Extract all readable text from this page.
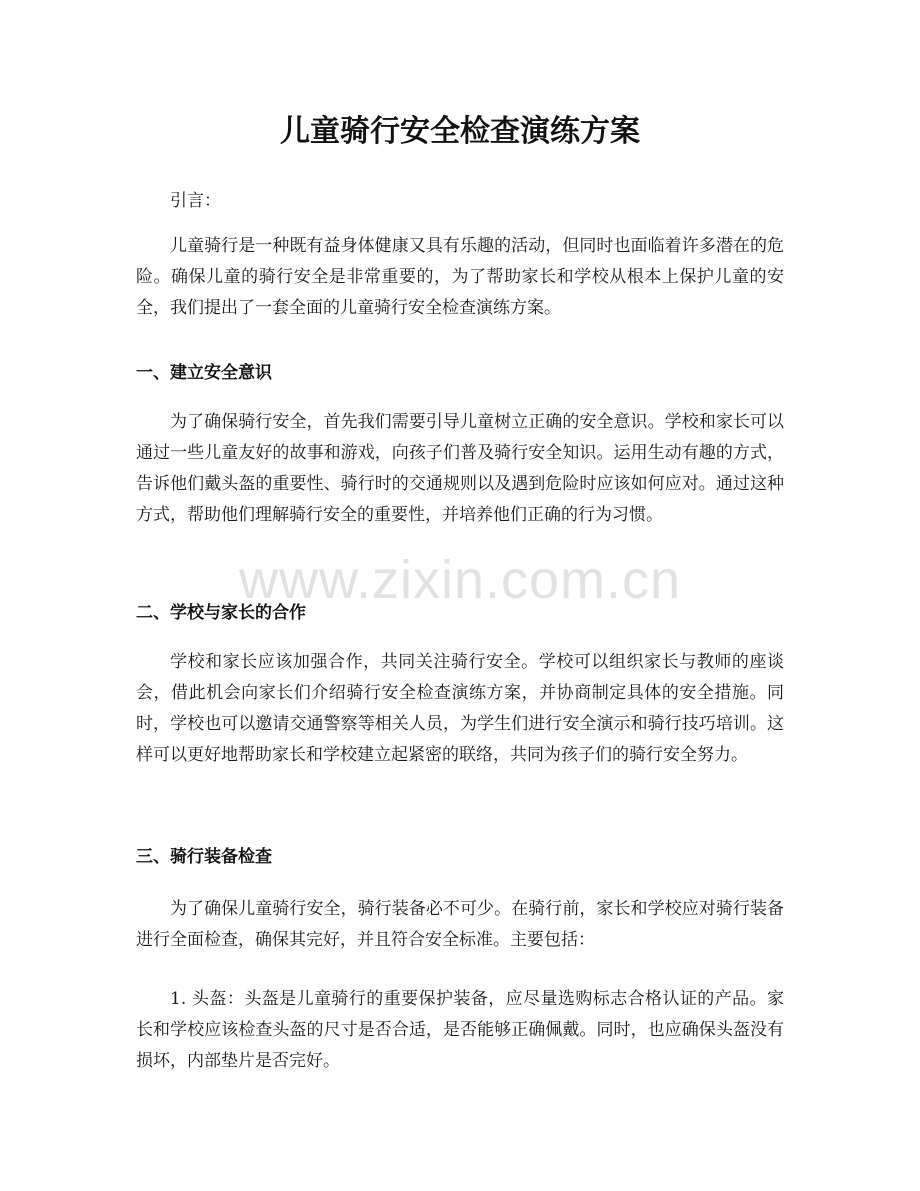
儿童骑行安全检查演练方案

引言：

儿童骑行是一种既有益身体健康又具有乐趣的活动，但同时也面临着许多潜在的危险。确保儿童的骑行安全是非常重要的，为了帮助家长和学校从根本上保护儿童的安全，我们提出了一套全面的儿童骑行安全检查演练方案。

一、建立安全意识

为了确保骑行安全，首先我们需要引导儿童树立正确的安全意识。学校和家长可以通过一些儿童友好的故事和游戏，向孩子们普及骑行安全知识。运用生动有趣的方式，告诉他们戴头盔的重要性、骑行时的交通规则以及遇到危险时应该如何应对。通过这种方式，帮助他们理解骑行安全的重要性，并培养他们正确的行为习惯。

二、学校与家长的合作

学校和家长应该加强合作，共同关注骑行安全。学校可以组织家长与教师的座谈会，借此机会向家长们介绍骑行安全检查演练方案，并协商制定具体的安全措施。同时，学校也可以邀请交通警察等相关人员，为学生们进行安全演示和骑行技巧培训。这样可以更好地帮助家长和学校建立起紧密的联络，共同为孩子们的骑行安全努力。

三、骑行装备检查

为了确保儿童骑行安全，骑行装备必不可少。在骑行前，家长和学校应对骑行装备进行全面检查，确保其完好，并且符合安全标准。主要包括：

1. 头盔：头盔是儿童骑行的重要保护装备，应尽量选购标志合格认证的产品。家长和学校应该检查头盔的尺寸是否合适，是否能够正确佩戴。同时，也应确保头盔没有损坏，内部垫片是否完好。

www.zixin.com.cn
